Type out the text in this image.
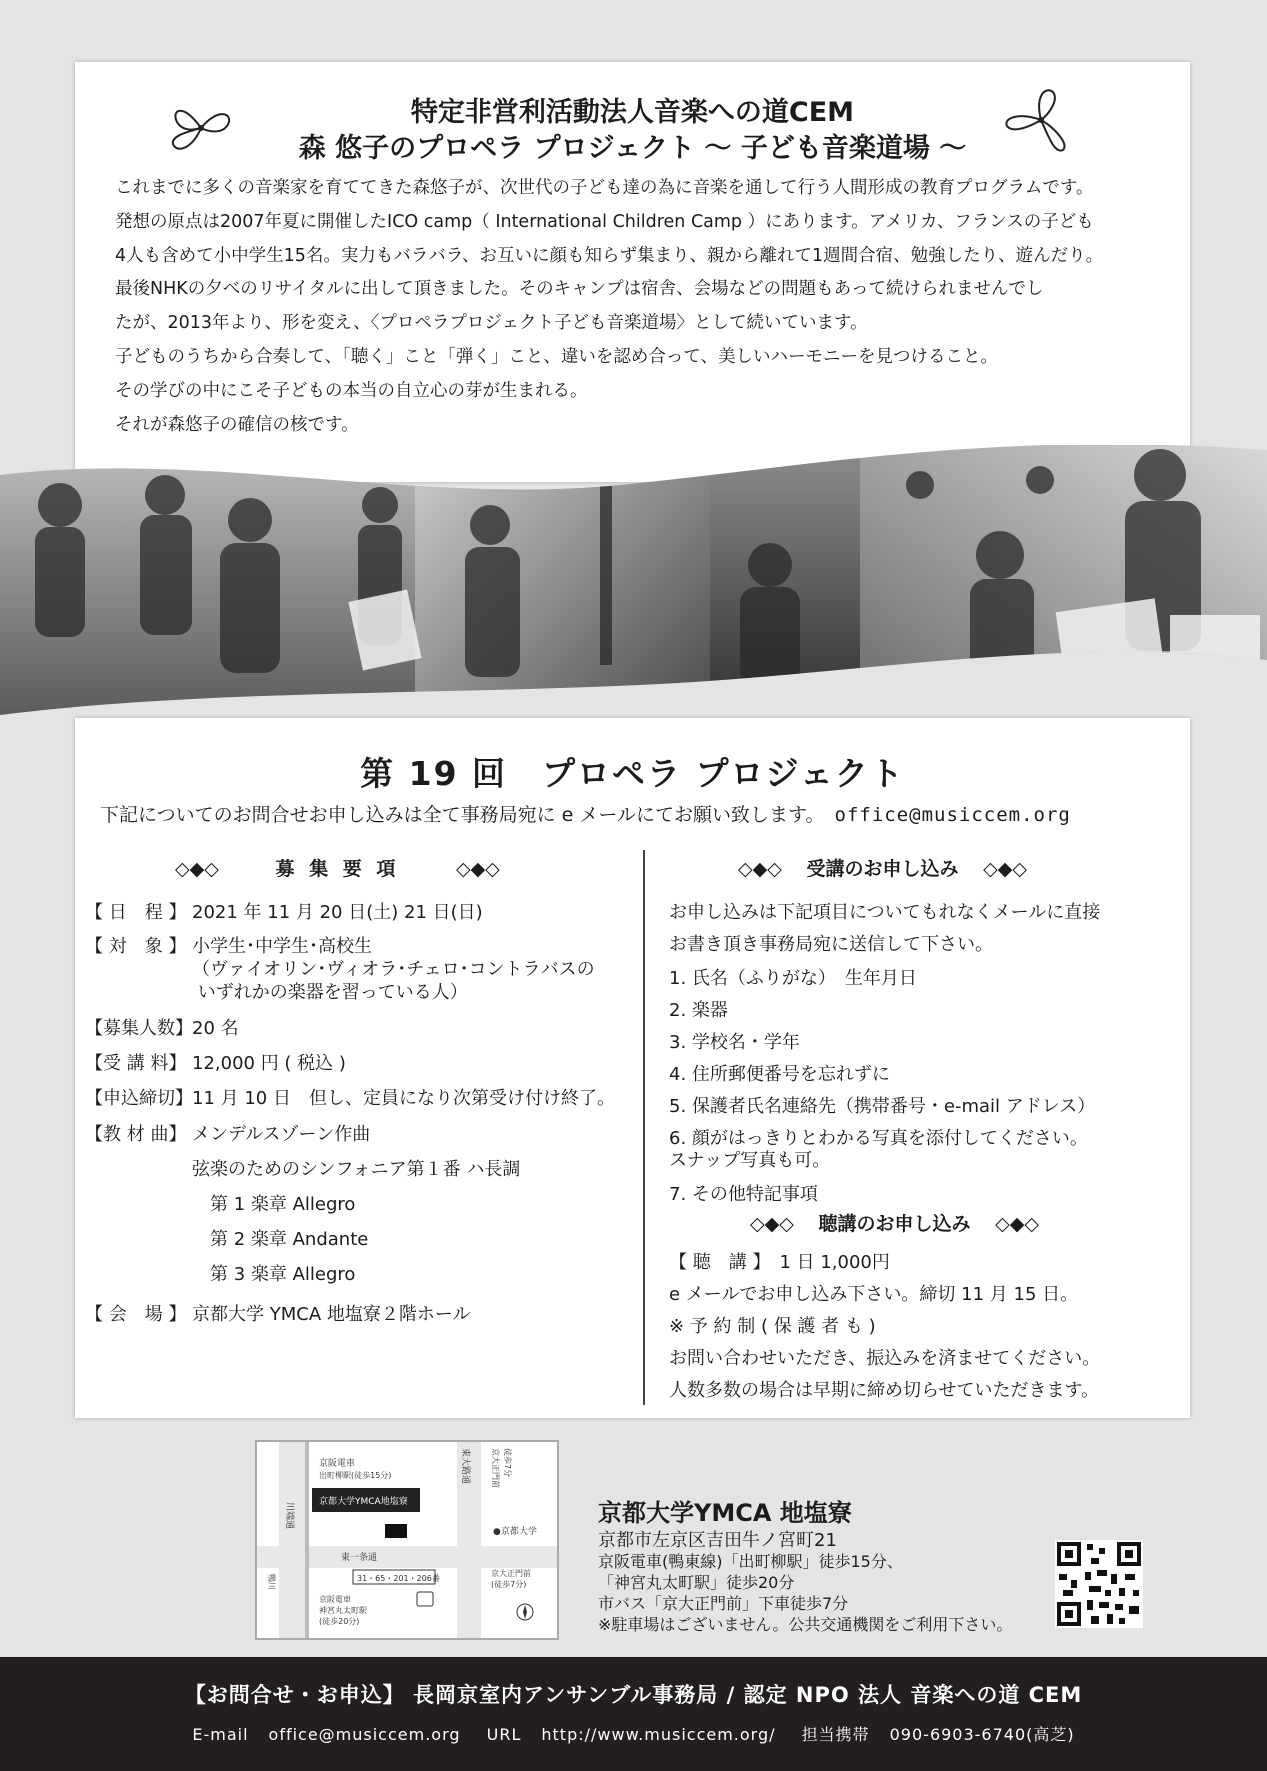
特定非営利活動法人音楽への道CEM
森 悠子のプロペラ プロジェクト 〜 子ども音楽道場 〜
これまでに多くの音楽家を育ててきた森悠子が、次世代の子ども達の為に音楽を通して行う人間形成の教育プログラムです。
発想の原点は2007年夏に開催したICO camp（ International Children Camp ）にあります。アメリカ、フランスの子ども
4人も含めて小中学生15名。実力もバラバラ、お互いに顔も知らず集まり、親から離れて1週間合宿、勉強したり、遊んだり。
最後NHKの夕べのリサイタルに出して頂きました。そのキャンプは宿舎、会場などの問題もあって続けられませんでし
たが、2013年より、形を変え、〈プロペラプロジェクト子ども音楽道場〉として続いています。
子どものうちから合奏して、「聴く」こと「弾く」こと、違いを認め合って、美しいハーモニーを見つけること。
その学びの中にこそ子どもの本当の自立心の芽が生まれる。
それが森悠子の確信の核です。
第 19 回　プロペラ プロジェクト
下記についてのお問合せお申し込みは全て事務局宛に e メールにてお願い致します。 office@musiccem.org
◇◆◇	募 集 要 項	◇◆◇
【 日　程 】 2021 年 11 月 20 日(土) 21 日(日)
【 対　象 】 小学生･中学生･高校生
（ヴァイオリン･ヴィオラ･チェロ･コントラバスの
いずれかの楽器を習っている人）
【募集人数】20 名
【受 講 料】 12,000 円 ( 税込 )
【申込締切】11 月 10 日　但し、定員になり次第受け付け終了。
【教 材 曲】 メンデルスゾーン作曲
弦楽のためのシンフォニア第１番 ハ長調
　第 1 楽章 Allegro
　第 2 楽章 Andante
　第 3 楽章 Allegro
【 会　場 】 京都大学 YMCA 地塩寮２階ホール
◇◆◇ 受講のお申し込み ◇◆◇
お申し込みは下記項目についてもれなくメールに直接
お書き頂き事務局宛に送信して下さい。
1. 氏名（ふりがな）　生年月日
2. 楽器
3. 学校名・学年
4. 住所郵便番号を忘れずに
5. 保護者氏名連絡先（携帯番号・e-mail アドレス）
6. 顔がはっきりとわかる写真を添付してください。
スナップ写真も可。
7. その他特記事項
◇◆◇ 聴講のお申し込み ◇◆◇
【 聴　講 】　1 日 1,000円
e メールでお申し込み下さい。締切 11 月 15 日。
※ 予 約 制 ( 保 護 者 も )
お問い合わせいただき、振込みを済ませてください。
人数多数の場合は早期に締め切らせていただきます。
川端通
東大路通	京大正門前 徒歩7分
鴨川
京阪電車
出町柳駅(徒歩15分)
京都大学YMCA地塩寮
●京都大学
東一条通
31・65・201・206番
京阪電車
神宮丸太町駅
(徒歩20分)
京大正門前
(徒歩7分)
京都大学YMCA 地塩寮
京都市左京区吉田牛ノ宮町21
京阪電車(鴨東線)「出町柳駅」徒歩15分、
「神宮丸太町駅」徒歩20分
市バス「京大正門前」下車徒歩7分
※駐車場はございません。公共交通機関をご利用下さい。
【お問合せ・お申込】 長岡京室内アンサンブル事務局 / 認定 NPO 法人 音楽への道 CEM
E-mail office@musiccem.org URL http://www.musiccem.org/ 担当携帯 090-6903-6740(高芝)
